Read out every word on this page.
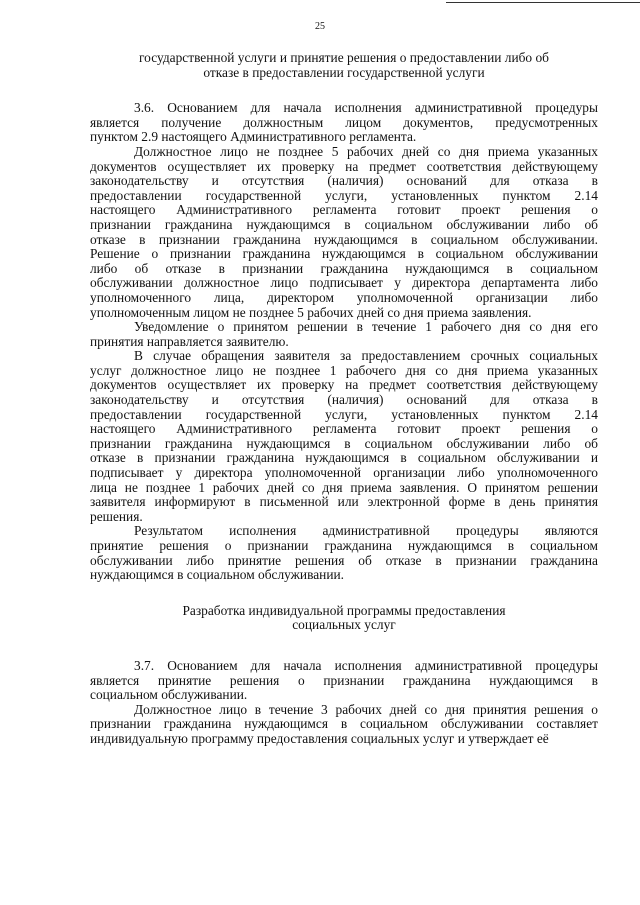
25
государственной услуги и принятие решения о предоставлении либо об
отказе в предоставлении государственной услуги
3.6. Основанием для начала исполнения административной процедуры
является получение должностным лицом документов, предусмотренных
пунктом 2.9 настоящего Административного регламента.
Должностное лицо не позднее 5 рабочих дней со дня приема указанных
документов осуществляет их проверку на предмет соответствия действующему
законодательству и отсутствия (наличия) оснований для отказа в
предоставлении государственной услуги, установленных пунктом 2.14
настоящего Административного регламента готовит проект решения о
признании гражданина нуждающимся в социальном обслуживании либо об
отказе в признании гражданина нуждающимся в социальном обслуживании.
Решение о признании гражданина нуждающимся в социальном обслуживании
либо об отказе в признании гражданина нуждающимся в социальном
обслуживании должностное лицо подписывает у директора департамента либо
уполномоченного лица, директором уполномоченной организации либо
уполномоченным лицом не позднее 5 рабочих дней со дня приема заявления.
Уведомление о принятом решении в течение 1 рабочего дня со дня его
принятия направляется заявителю.
В случае обращения заявителя за предоставлением срочных социальных
услуг должностное лицо не позднее 1 рабочего дня со дня приема указанных
документов осуществляет их проверку на предмет соответствия действующему
законодательству и отсутствия (наличия) оснований для отказа в
предоставлении государственной услуги, установленных пунктом 2.14
настоящего Административного регламента готовит проект решения о
признании гражданина нуждающимся в социальном обслуживании либо об
отказе в признании гражданина нуждающимся в социальном обслуживании и
подписывает у директора уполномоченной организации либо уполномоченного
лица не позднее 1 рабочих дней со дня приема заявления. О принятом решении
заявителя информируют в письменной или электронной форме в день принятия
решения.
Результатом исполнения административной процедуры являются
принятие решения о признании гражданина нуждающимся в социальном
обслуживании либо принятие решения об отказе в признании гражданина
нуждающимся в социальном обслуживании.
Разработка индивидуальной программы предоставления
социальных услуг
3.7. Основанием для начала исполнения административной процедуры
является принятие решения о признании гражданина нуждающимся в
социальном обслуживании.
Должностное лицо в течение 3 рабочих дней со дня принятия решения о
признании гражданина нуждающимся в социальном обслуживании составляет
индивидуальную программу предоставления социальных услуг и утверждает её
